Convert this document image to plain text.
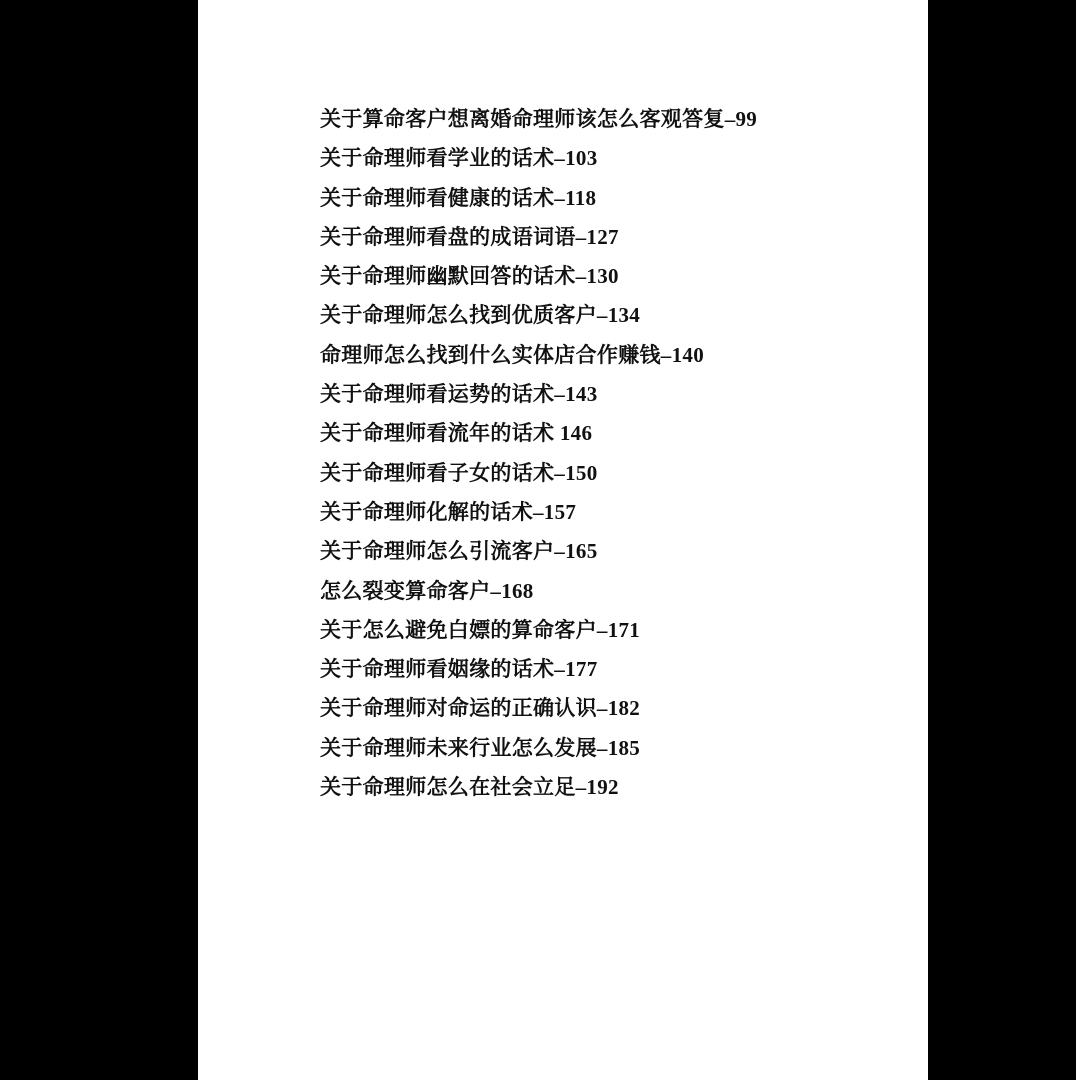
关于算命客户想离婚命理师该怎么客观答复–99
关于命理师看学业的话术–103
关于命理师看健康的话术–118
关于命理师看盘的成语词语–127
关于命理师幽默回答的话术–130
关于命理师怎么找到优质客户–134
命理师怎么找到什么实体店合作赚钱–140
关于命理师看运势的话术–143
关于命理师看流年的话术 146
关于命理师看子女的话术–150
关于命理师化解的话术–157
关于命理师怎么引流客户–165
怎么裂变算命客户–168
关于怎么避免白嫖的算命客户–171
关于命理师看姻缘的话术–177
关于命理师对命运的正确认识–182
关于命理师未来行业怎么发展–185
关于命理师怎么在社会立足–192
